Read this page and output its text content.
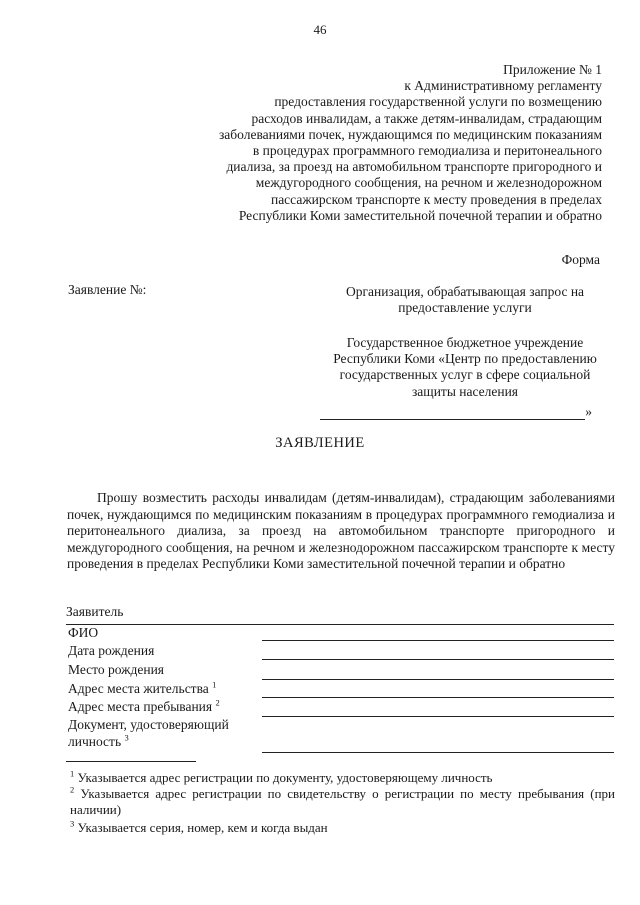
46
Приложение № 1
к Административному регламенту
предоставления государственной услуги по возмещению
расходов инвалидам, а также детям-инвалидам, страдающим
заболеваниями почек, нуждающимся по медицинским показаниям
в процедурах программного гемодиализа и перитонеального
диализа, за проезд на автомобильном транспорте пригородного и
междугородного сообщения, на речном и железнодорожном
пассажирском транспорте к месту проведения в пределах
Республики Коми заместительной почечной терапии и обратно
Форма
Заявление №:	Организация, обрабатывающая запрос на
предоставление услуги
Государственное бюджетное учреждение
Республики Коми «Центр по предоставлению
государственных услуг в сфере социальной
защиты населения
»
ЗАЯВЛЕНИЕ

Прошу возместить расходы инвалидам (детям-инвалидам), страдающим заболеваниями почек, нуждающимся по медицинским показаниям в процедурах программного гемодиализа и перитонеального диализа, за проезд на автомобильном транспорте пригородного и междугородного сообщения, на речном и железнодорожном пассажирском транспорте к месту проведения в пределах Республики Коми заместительной почечной терапии и обратно

Заявитель
ФИО
Дата рождения
Место рождения
Адрес места жительства $^1$
Адрес места пребывания $^2$
Документ, удостоверяющий
личность $^3$
$^1$ Указывается адрес регистрации по документу, удостоверяющему личность
$^2$ Указывается адрес регистрации по свидетельству о регистрации по месту пребывания (при наличии)
$^3$ Указывается серия, номер, кем и когда выдан
